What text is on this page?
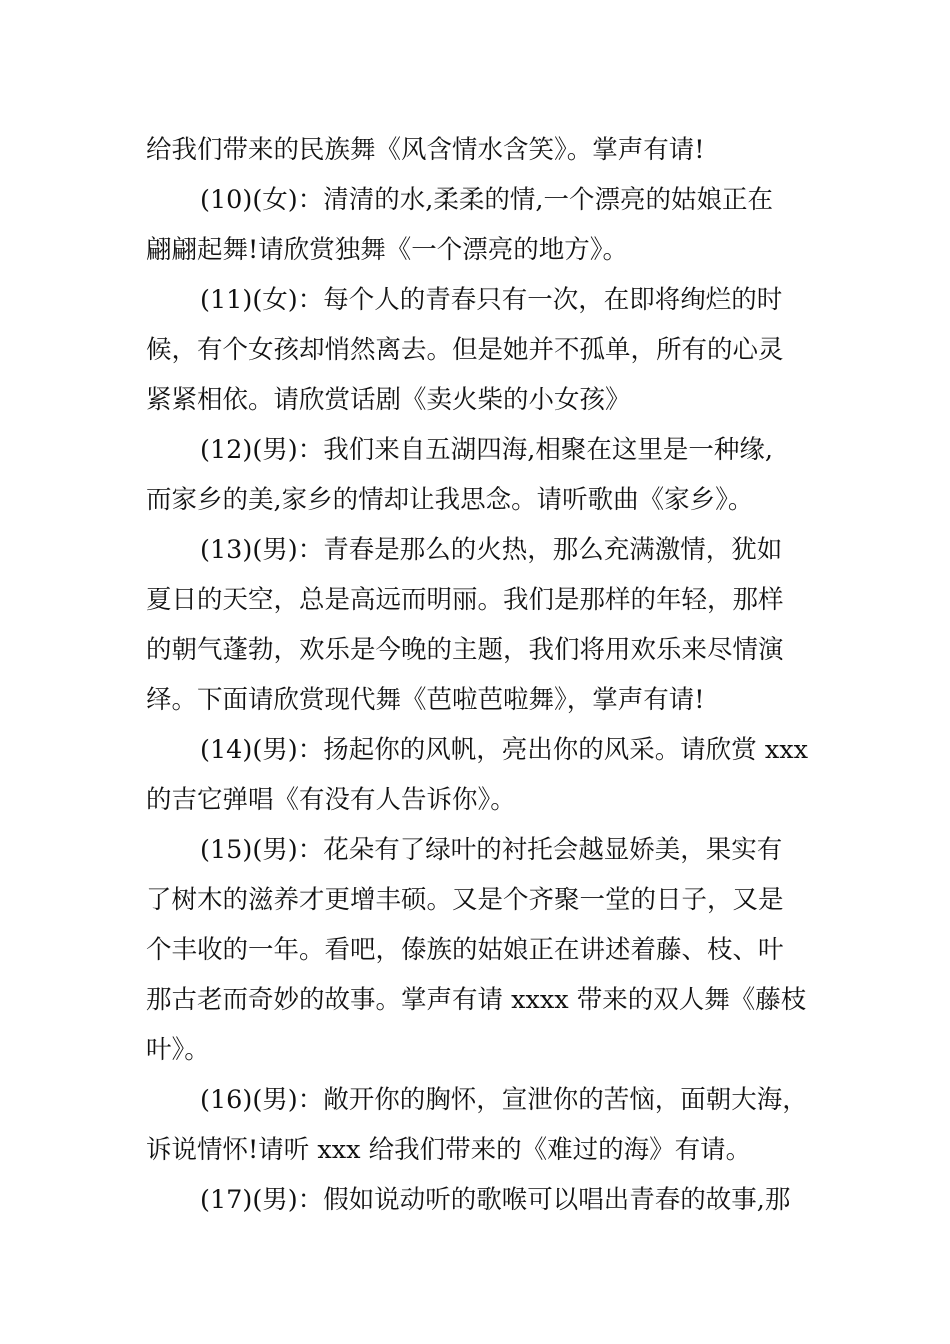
给我们带来的民族舞《风含情水含笑》。掌声有请!
(10)(女)：清清的水,柔柔的情,一个漂亮的姑娘正在
翩翩起舞!请欣赏独舞《一个漂亮的地方》。
(11)(女)：每个人的青春只有一次，在即将绚烂的时
候，有个女孩却悄然离去。但是她并不孤单，所有的心灵
紧紧相依。请欣赏话剧《卖火柴的小女孩》
(12)(男)：我们来自五湖四海,相聚在这里是一种缘,
而家乡的美,家乡的情却让我思念。请听歌曲《家乡》。
(13)(男)：青春是那么的火热，那么充满激情，犹如
夏日的天空，总是高远而明丽。我们是那样的年轻，那样
的朝气蓬勃，欢乐是今晚的主题，我们将用欢乐来尽情演
绎。下面请欣赏现代舞《芭啦芭啦舞》，掌声有请!
(14)(男)：扬起你的风帆，亮出你的风采。请欣赏 xxx
的吉它弹唱《有没有人告诉你》。
(15)(男)：花朵有了绿叶的衬托会越显娇美，果实有
了树木的滋养才更增丰硕。又是个齐聚一堂的日子，又是
个丰收的一年。看吧，傣族的姑娘正在讲述着藤、枝、叶
那古老而奇妙的故事。掌声有请 xxxx 带来的双人舞《藤枝
叶》。
(16)(男)：敞开你的胸怀，宣泄你的苦恼，面朝大海，
诉说情怀!请听 xxx 给我们带来的《难过的海》有请。
(17)(男)：假如说动听的歌喉可以唱出青春的故事,那
